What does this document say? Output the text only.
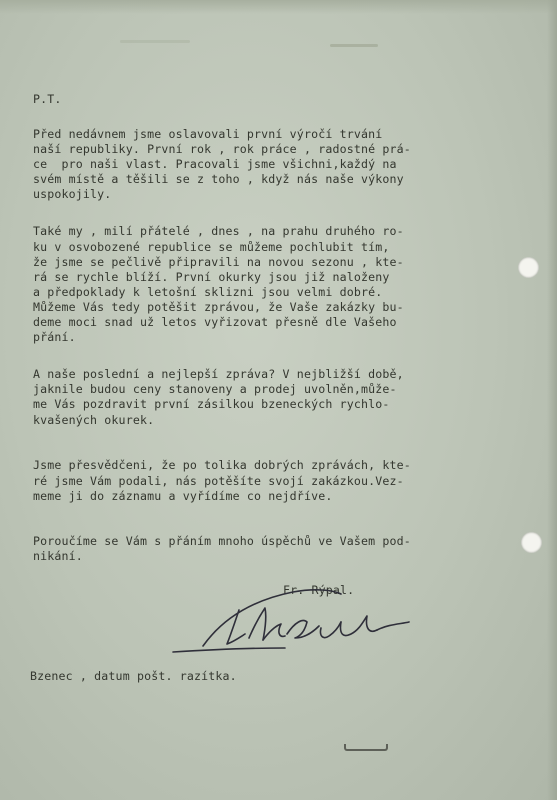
P.T.

Před nedávnem jsme oslavovali první výročí trvání

naší republiky. První rok , rok práce , radostné prá-

ce  pro naši vlast. Pracovali jsme všichni,každý na

svém místě a těšili se z toho , když nás naše výkony

uspokojily.

Také my , milí přátelé , dnes , na prahu druhého ro-

ku v osvobozené republice se můžeme pochlubit tím,

že jsme se pečlivě připravili na novou sezonu , kte-

rá se rychle blíží. První okurky jsou již naloženy

a předpoklady k letošní sklizni jsou velmi dobré.

Můžeme Vás tedy potěšit zprávou, že Vaše zakázky bu-

deme moci snad už letos vyřizovat přesně dle Vašeho

přání.

A naše poslední a nejlepší zpráva? V nejbližší době,

jaknile budou ceny stanoveny a prodej uvolněn,může-

me Vás pozdravit první zásilkou bzeneckých rychlo-

kvašených okurek.

Jsme přesvědčeni, že po tolika dobrých zprávách, kte-

ré jsme Vám podali, nás potěšíte svojí zakázkou.Vez-

meme ji do záznamu a vyřídíme co nejdříve.

Poroučíme se Vám s přáním mnoho úspěchů ve Vašem pod-

nikání.

Fr. Rýpal.

Bzenec , datum pošt. razítka.
